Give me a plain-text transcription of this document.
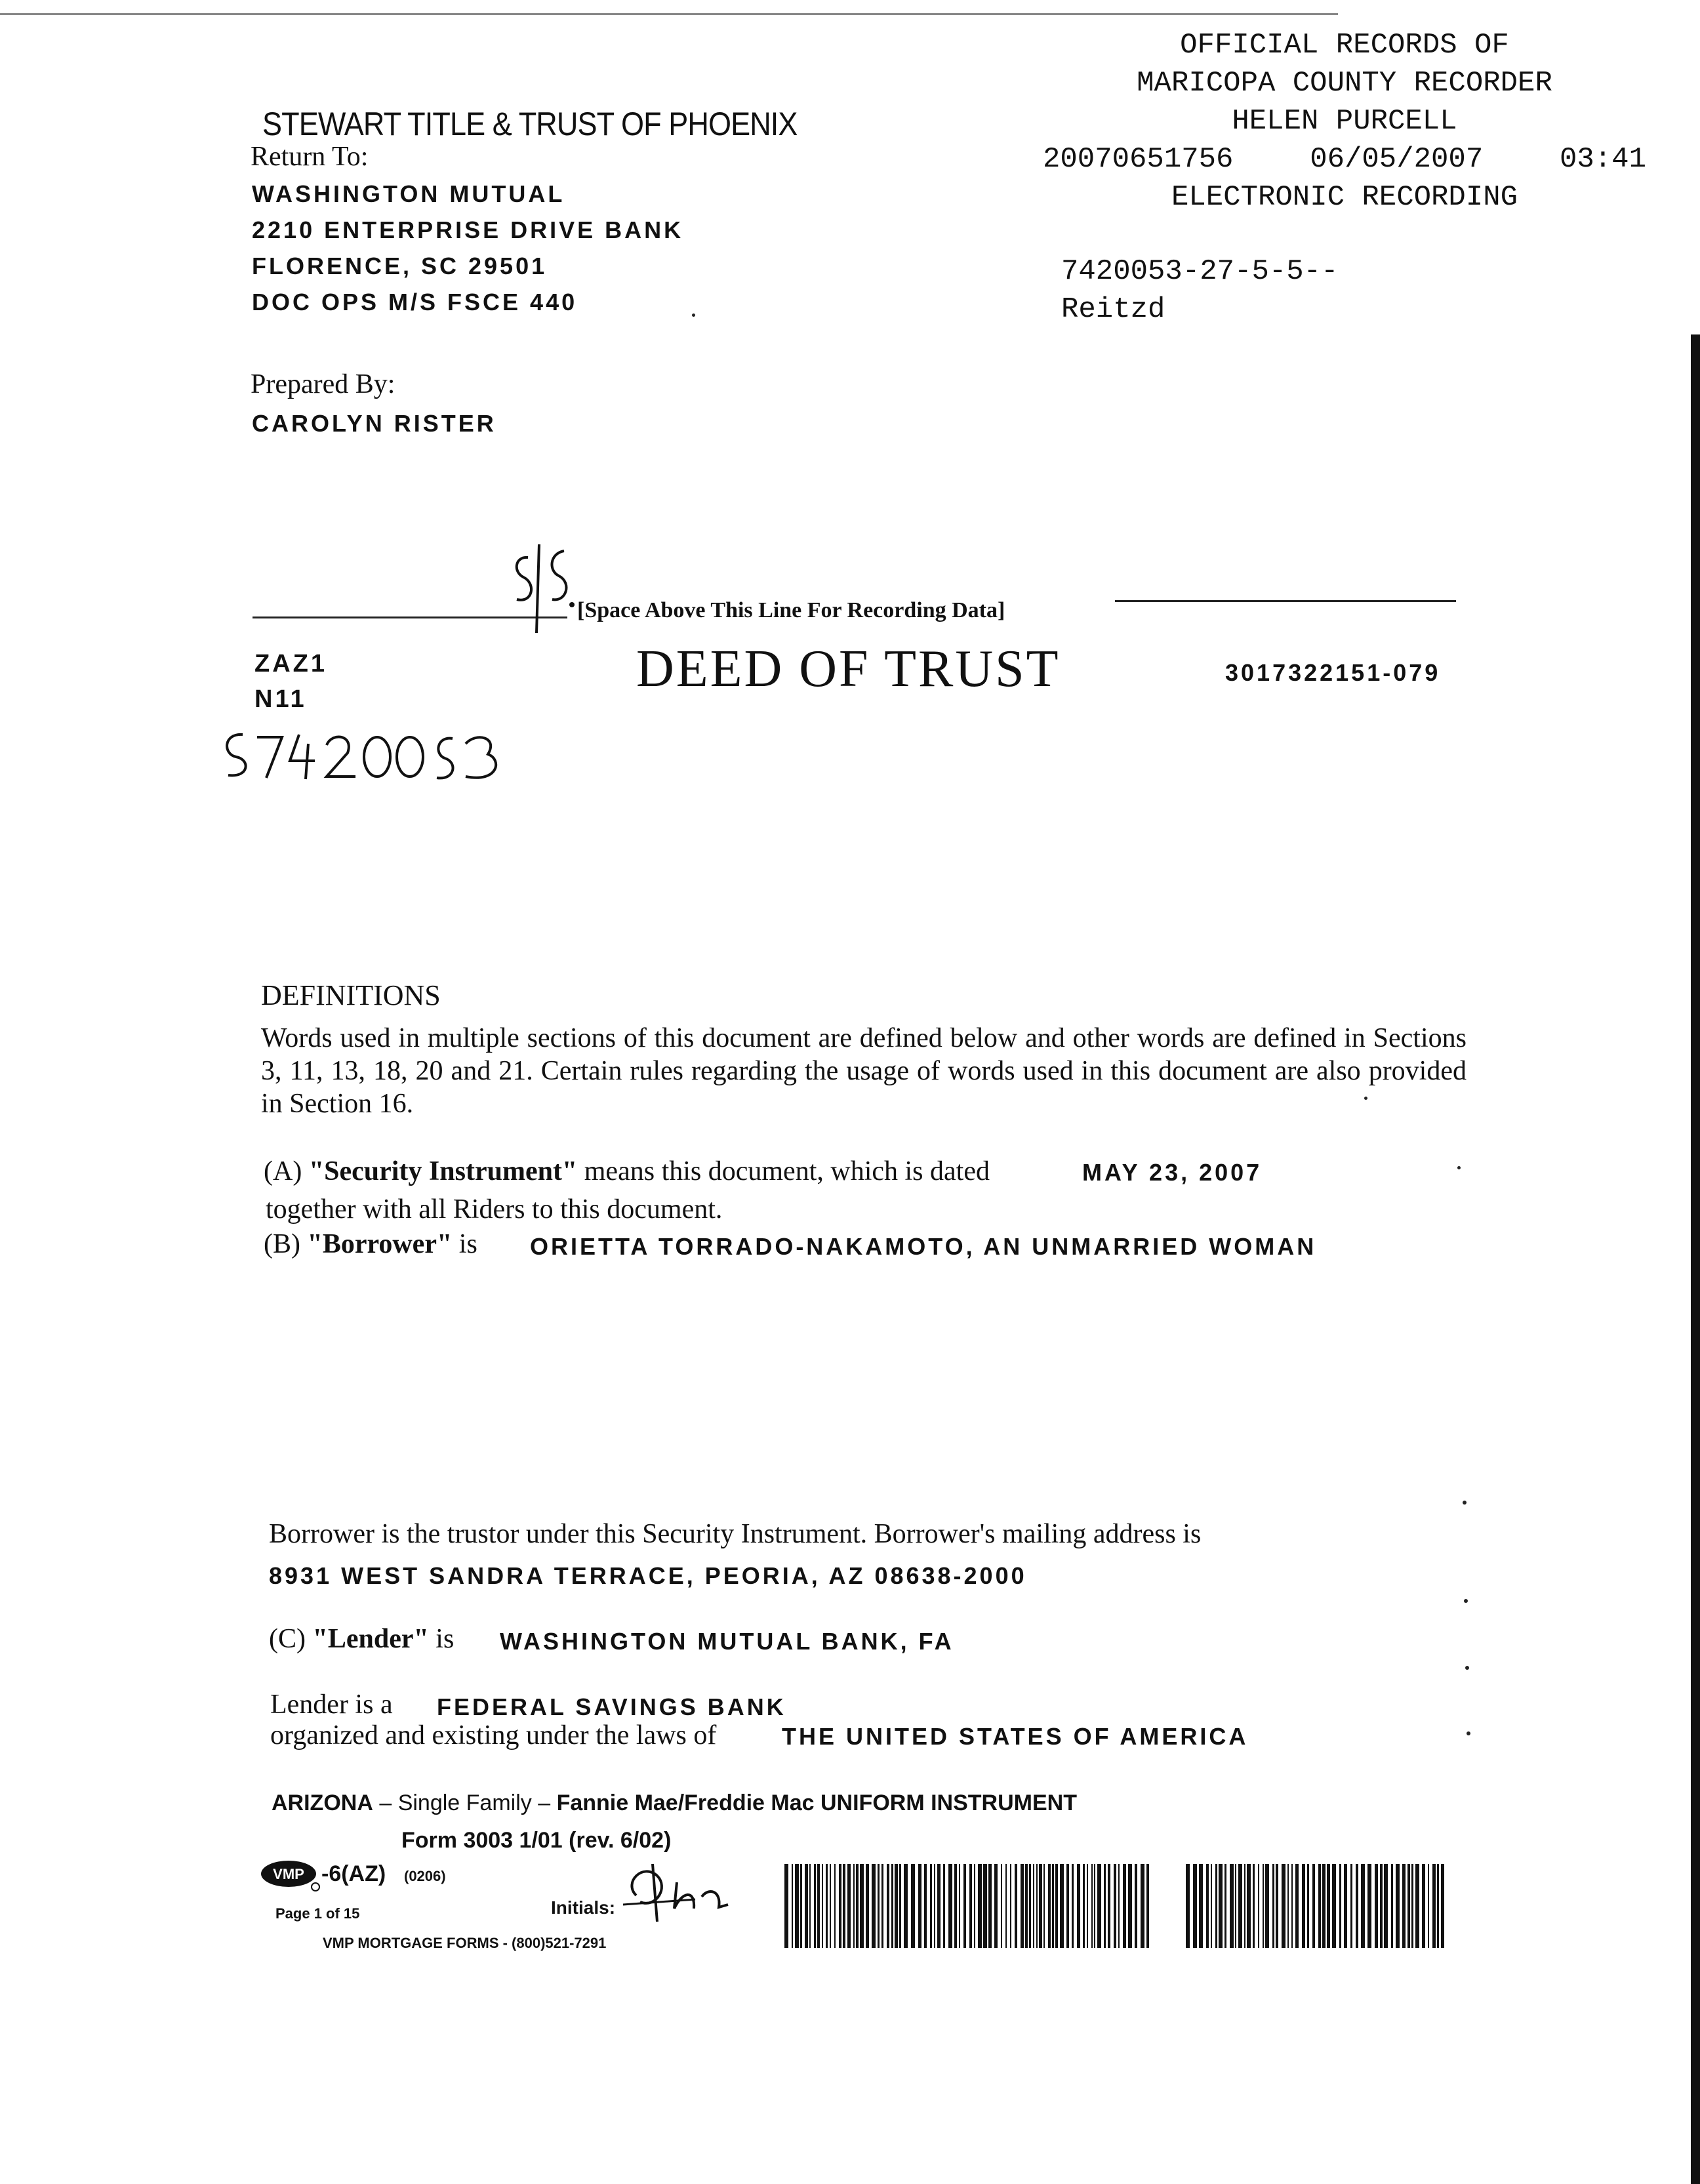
OFFICIAL RECORDS OF
MARICOPA COUNTY RECORDER
HELEN PURCELL
20070651756	06/05/2007	03:41
ELECTRONIC RECORDING
7420053-27-5-5--
Reitzd
STEWART TITLE & TRUST OF PHOENIX
Return To:
WASHINGTON MUTUAL
2210 ENTERPRISE DRIVE BANK
FLORENCE, SC 29501
DOC OPS M/S FSCE 440
Prepared By:
CAROLYN RISTER
[Space Above This Line For Recording Data]
ZAZ1
N11
DEED OF TRUST	3017322151-079
DEFINITIONS
Words used in multiple sections of this document are defined below and other words are defined in Sections 3, 11, 13, 18, 20 and 21. Certain rules regarding the usage of words used in this document are also provided in Section 16.
(A) "Security Instrument" means this document, which is dated	MAY 23, 2007
together with all Riders to this document.
(B) "Borrower" is ORIETTA TORRADO-NAKAMOTO, AN UNMARRIED WOMAN
Borrower is the trustor under this Security Instrument. Borrower's mailing address is
8931 WEST SANDRA TERRACE, PEORIA, AZ 08638-2000
(C) "Lender" is WASHINGTON MUTUAL BANK, FA
Lender is a FEDERAL SAVINGS BANK
organized and existing under the laws of	THE UNITED STATES OF AMERICA
ARIZONA – Single Family – Fannie Mae/Freddie Mac UNIFORM INSTRUMENT
Form 3003 1/01 (rev. 6/02)
VMP -6(AZ) (0206)
Page 1 of 15	Initials:
VMP MORTGAGE FORMS - (800)521-7291
